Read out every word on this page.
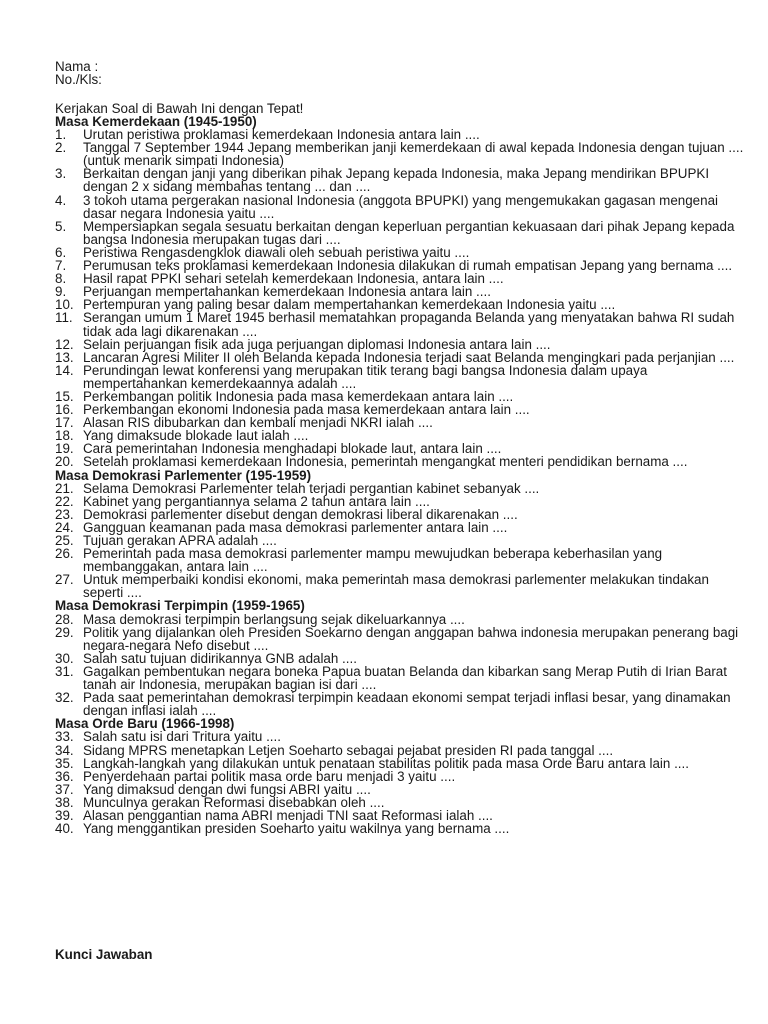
Nama :
No./Kls:
Kerjakan Soal di Bawah Ini dengan Tepat!
Masa Kemerdekaan (1945-1950)
1.	Urutan peristiwa proklamasi kemerdekaan Indonesia antara lain ....
2.	Tanggal 7 September 1944 Jepang memberikan janji kemerdekaan di awal kepada Indonesia dengan tujuan .... (untuk menarik simpati Indonesia)
3.	Berkaitan dengan janji yang diberikan pihak Jepang kepada Indonesia, maka Jepang mendirikan BPUPKI dengan 2 x sidang membahas tentang ... dan ....
4.	3 tokoh utama pergerakan nasional Indonesia (anggota BPUPKI) yang mengemukakan gagasan mengenai dasar negara Indonesia yaitu ....
5.	Mempersiapkan segala sesuatu berkaitan dengan keperluan pergantian kekuasaan dari pihak Jepang kepada bangsa Indonesia merupakan tugas dari ....
6.	Peristiwa Rengasdengklok diawali oleh sebuah peristiwa yaitu ....
7.	Perumusan teks proklamasi kemerdekaan Indonesia dilakukan di rumah empatisan Jepang yang bernama ....
8.	Hasil rapat PPKI sehari setelah kemerdekaan Indonesia, antara lain ....
9.	Perjuangan mempertahankan kemerdekaan Indonesia antara lain ....
10. Pertempuran yang paling besar dalam mempertahankan kemerdekaan Indonesia yaitu ....
11. Serangan umum 1 Maret 1945 berhasil mematahkan propaganda Belanda yang menyatakan bahwa RI sudah tidak ada lagi dikarenakan ....
12. Selain perjuangan fisik ada juga perjuangan diplomasi Indonesia antara lain ....
13. Lancaran Agresi Militer II oleh Belanda kepada Indonesia terjadi saat Belanda mengingkari pada perjanjian ....
14. Perundingan lewat konferensi yang merupakan titik terang bagi bangsa Indonesia dalam upaya mempertahankan kemerdekaannya adalah ....
15. Perkembangan politik Indonesia pada masa kemerdekaan antara lain ....
16. Perkembangan ekonomi Indonesia pada masa kemerdekaan antara lain ....
17. Alasan RIS dibubarkan dan kembali menjadi NKRI ialah ....
18. Yang dimaksude blokade laut ialah ....
19. Cara pemerintahan Indonesia menghadapi blokade laut, antara lain ....
20. Setelah proklamasi kemerdekaan Indonesia, pemerintah mengangkat menteri pendidikan bernama ....
Masa Demokrasi Parlementer (195-1959)
21. Selama Demokrasi Parlementer telah terjadi pergantian kabinet sebanyak ....
22. Kabinet yang pergantiannya selama 2 tahun antara lain ....
23. Demokrasi parlementer disebut dengan demokrasi liberal dikarenakan ....
24. Gangguan keamanan pada masa demokrasi parlementer antara lain ....
25. Tujuan gerakan APRA adalah ....
26. Pemerintah pada masa demokrasi parlementer mampu mewujudkan beberapa keberhasilan yang membanggakan, antara lain ....
27. Untuk memperbaiki kondisi ekonomi, maka pemerintah masa demokrasi parlementer melakukan tindakan seperti ....
Masa Demokrasi Terpimpin (1959-1965)
28. Masa demokrasi terpimpin berlangsung sejak dikeluarkannya ....
29. Politik yang dijalankan oleh Presiden Soekarno dengan anggapan bahwa indonesia merupakan penerang bagi negara-negara Nefo disebut ....
30. Salah satu tujuan didirikannya GNB adalah ....
31. Gagalkan pembentukan negara boneka Papua buatan Belanda dan kibarkan sang Merap Putih di Irian Barat tanah air Indonesia, merupakan bagian isi dari ....
32. Pada saat pemerintahan demokrasi terpimpin keadaan ekonomi sempat terjadi inflasi besar, yang dinamakan dengan inflasi ialah ....
Masa Orde Baru (1966-1998)
33. Salah satu isi dari Tritura yaitu ....
34. Sidang MPRS menetapkan Letjen Soeharto sebagai pejabat presiden RI pada tanggal ....
35. Langkah-langkah yang dilakukan untuk penataan stabilitas politik pada masa Orde Baru antara lain ....
36. Penyerdehaan partai politik masa orde baru menjadi 3 yaitu ....
37. Yang dimaksud dengan dwi fungsi ABRI yaitu ....
38. Munculnya gerakan Reformasi disebabkan oleh ....
39. Alasan penggantian nama ABRI menjadi TNI saat Reformasi ialah ....
40. Yang menggantikan presiden Soeharto yaitu wakilnya yang bernama ....
Kunci Jawaban
